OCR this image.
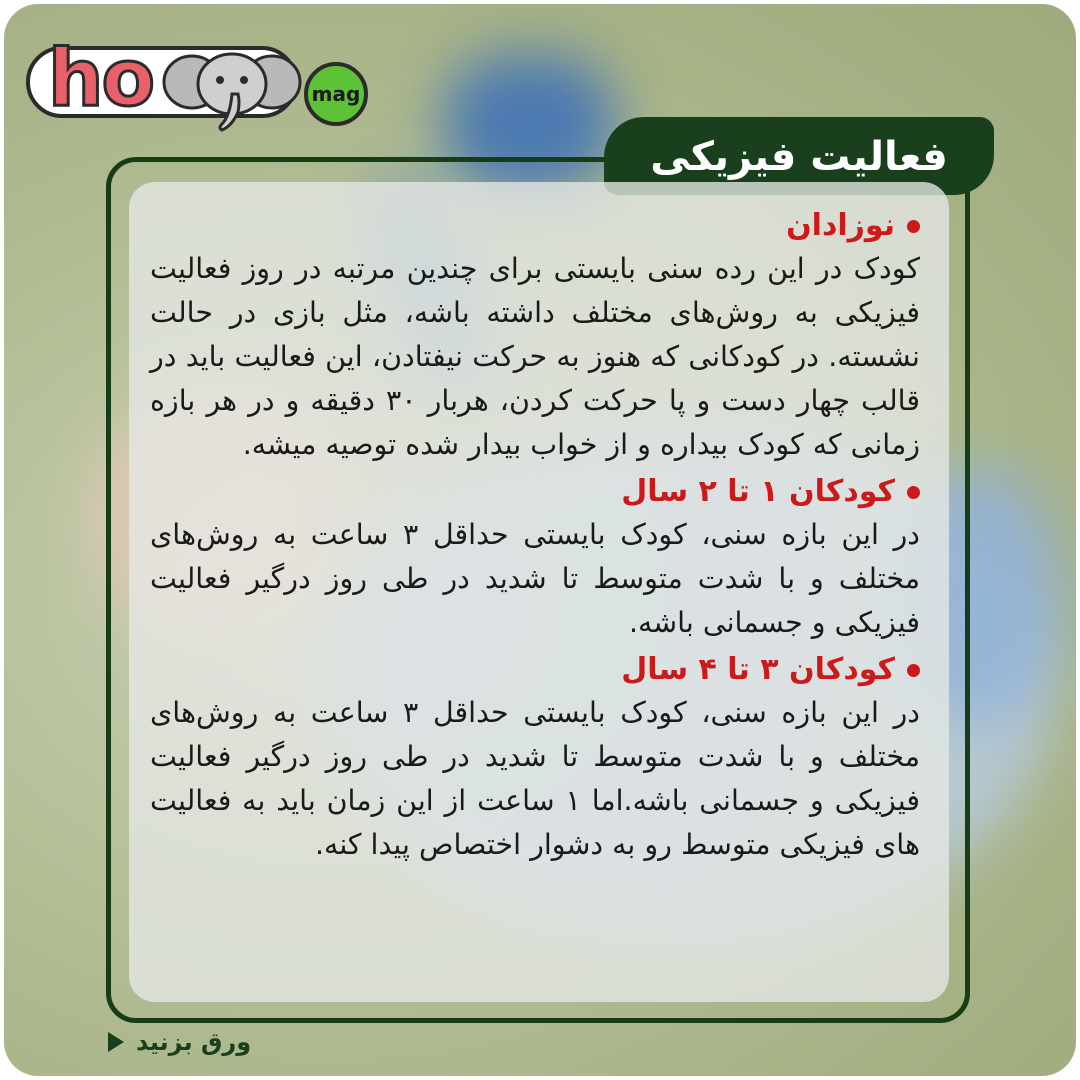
ho	mag
فعالیت فیزیکی
نوزادان

کودک در این رده سنی بایستی برای چندین مرتبه در روز فعالیت فیزیکی به روش‌های مختلف داشته باشه، مثل بازی در حالت نشسته. در کودکانی که هنوز به حرکت نیفتادن، این فعالیت باید در قالب چهار دست و پا حرکت کردن، هربار ۳۰ دقیقه و در هر بازه زمانی که کودک بیداره و از خواب بیدار شده توصیه میشه.

کودکان ۱ تا ۲ سال

در این بازه سنی، کودک بایستی حداقل ۳ ساعت به روش‌های مختلف و با شدت متوسط تا شدید در طی روز درگیر فعالیت فیزیکی و جسمانی باشه.

کودکان ۳ تا ۴ سال

در این بازه سنی، کودک بایستی حداقل ۳ ساعت به روش‌های مختلف و با شدت متوسط تا شدید در طی روز درگیر فعالیت فیزیکی و جسمانی باشه.اما ۱ ساعت از این زمان باید به فعالیت های فیزیکی متوسط رو به دشوار اختصاص پیدا کنه.

ورق بزنید
